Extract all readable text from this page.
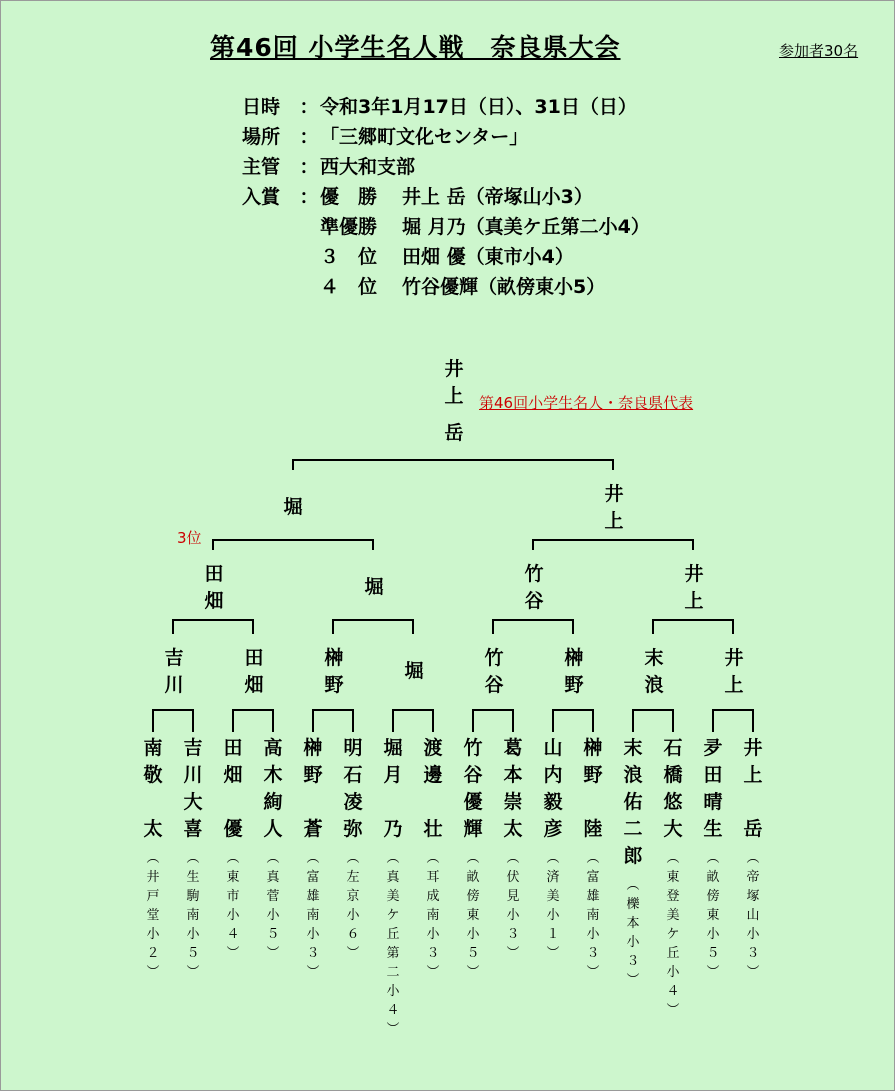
第46回 小学生名人戦　奈良県大会	参加者30名
日時	： 令和3年1月17日（日）、31日（日）
場所	： 「三郷町文化センター」
主管	： 西大和支部
入賞	： 優　勝 井上 岳（帝塚山小3）
準優勝 堀 月乃（真美ケ丘第二小4）
３　位 田畑 優（東市小4）
４　位 竹谷優輝（畝傍東小5）
第46回小学生名人・奈良県代表
3位
井
上
岳
堀
井
上
田
畑
堀
竹
谷
井
上
吉
川
田
畑
榊
野
堀
竹
谷
榊
野
末
浪
井
上
南
敬
太
︵
井
戸
堂
小
２
︶
吉
川
大
喜
︵
生
駒
南
小
５
︶
田
畑
優
︵
東
市
小
４
︶
高
木
絢
人
︵
真
菅
小
５
︶
榊
野
蒼
︵
富
雄
南
小
３
︶
明
石
凌
弥
︵
左
京
小
６
︶
堀
月
乃
︵
真
美
ケ
丘
第
二
小
４
︶
渡
邊
壮
︵
耳
成
南
小
３
︶
竹
谷
優
輝
︵
畝
傍
東
小
５
︶
葛
本
崇
太
︵
伏
見
小
３
︶
山
内
毅
彦
︵
済
美
小
１
︶
榊
野
陸
︵
富
雄
南
小
３
︶
末
浪
佑
二
郎
︵
櫟
本
小
３
︶
石
橋
悠
大
︵
東
登
美
ケ
丘
小
４
︶
夛
田
晴
生
︵
畝
傍
東
小
５
︶
井
上
岳
︵
帝
塚
山
小
３
︶
